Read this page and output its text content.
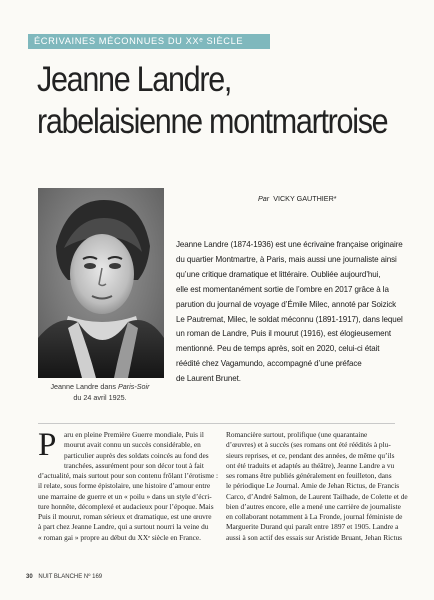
ÉCRIVAINES MÉCONNUES DU XXᵉ SIÈCLE
Jeanne Landre,
rabelaisienne montmartroise
Par VICKY GAUTHIER*

Jeanne Landre dans Paris-Soir

du 24 avril 1925.

Jeanne Landre (1874-1936) est une écrivaine française originaire

du quartier Montmartre, à Paris, mais aussi une journaliste ainsi

qu’une critique dramatique et littéraire. Oubliée aujourd’hui,

elle est momentanément sortie de l’ombre en 2017 grâce à la

parution du journal de voyage d’Émile Milec, annoté par Soizick

Le Pautremat, Milec, le soldat méconnu (1891-1917), dans lequel

un roman de Landre, Puis il mourut (1916), est élogieusement

mentionné. Peu de temps après, soit en 2020, celui-ci était

réédité chez Vagamundo, accompagné d’une préface

de Laurent Brunet.

P	aru en pleine Première Guerre mondiale, Puis il

mourut avait connu un succès considérable, en

particulier auprès des soldats coincés au fond des

tranchées, assurément pour son décor tout à fait

d’actualité, mais surtout pour son contenu frôlant l’érotisme :

il relate, sous forme épistolaire, une histoire d’amour entre

une marraine de guerre et un « poilu » dans un style d’écri-

ture honnête, décomplexé et audacieux pour l’époque. Mais

Puis il mourut, roman sérieux et dramatique, est une œuvre

à part chez Jeanne Landre, qui a surtout nourri la veine du

« roman gai » propre au début du XXᵉ siècle en France.

Romancière surtout, prolifique (une quarantaine

d’œuvres) et à succès (ses romans ont été réédités à plu-

sieurs reprises, et ce, pendant des années, de même qu’ils

ont été traduits et adaptés au théâtre), Jeanne Landre a vu

ses romans être publiés généralement en feuilleton, dans

le périodique Le Journal. Amie de Jehan Rictus, de Francis

Carco, d’André Salmon, de Laurent Tailhade, de Colette et de

bien d’autres encore, elle a mené une carrière de journaliste

en collaborant notamment à La Fronde, journal féministe de

Marguerite Durand qui paraît entre 1897 et 1905. Landre a

aussi à son actif des essais sur Aristide Bruant, Jehan Rictus

30 NUIT BLANCHE Nº 169
